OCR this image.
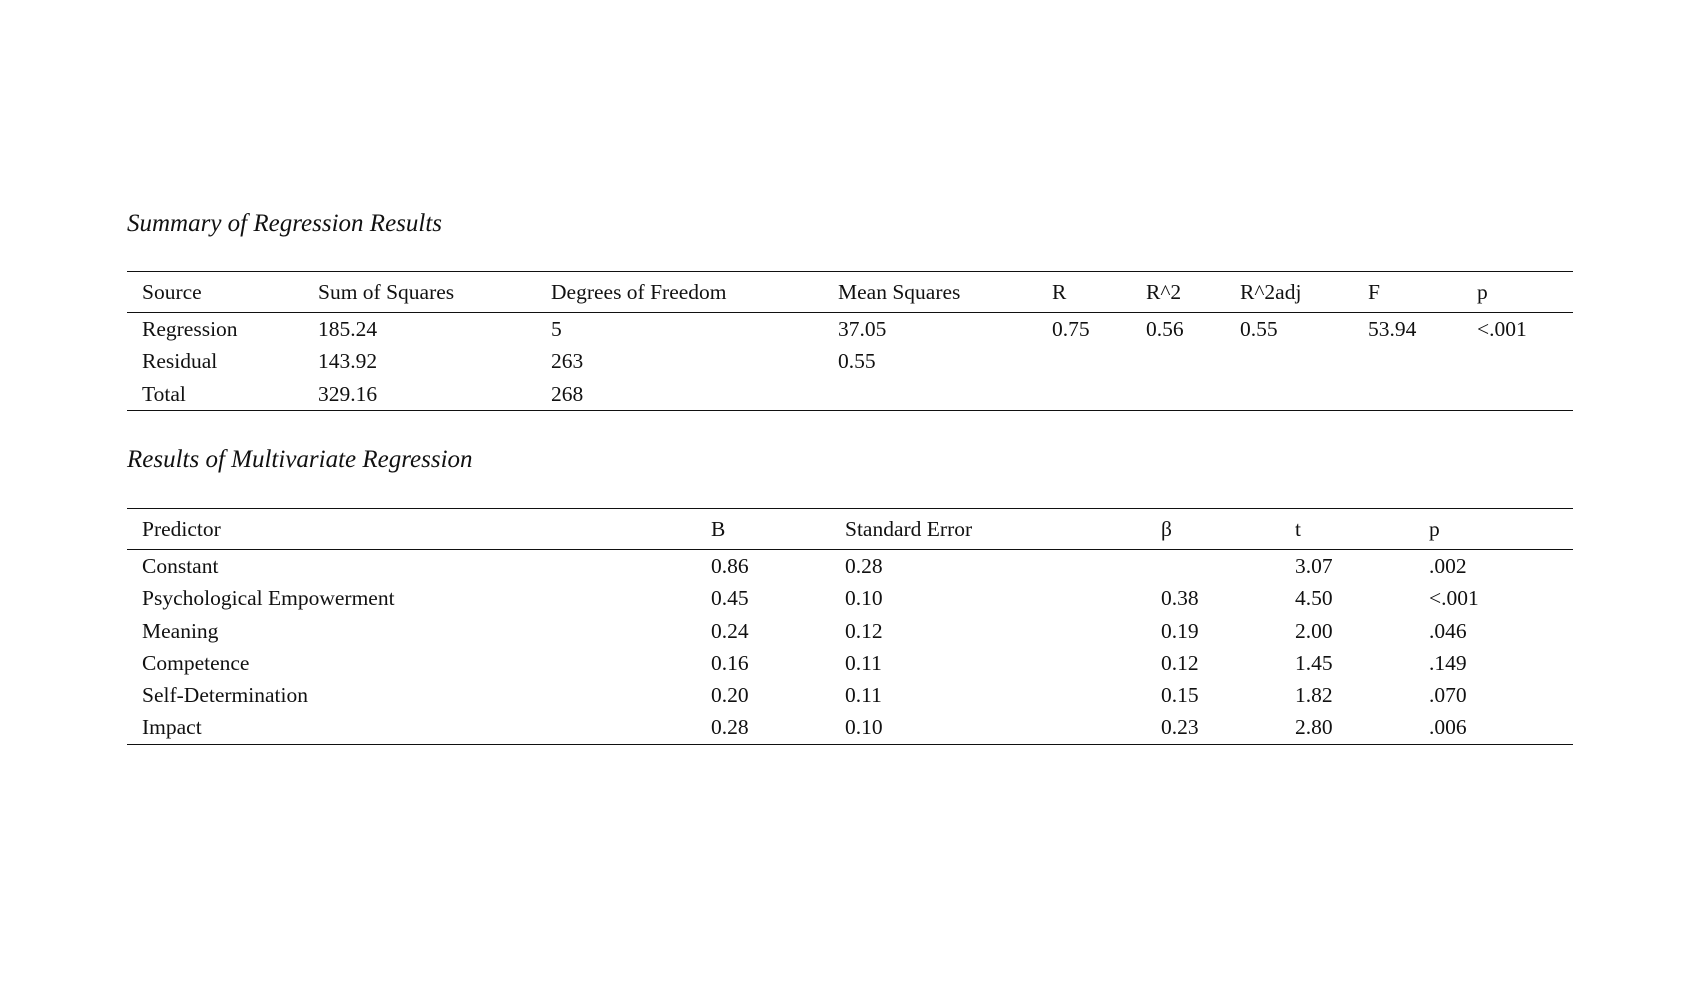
Summary of Regression Results
Source	Sum of Squares	Degrees of Freedom	Mean Squares	R	R^2	R^2adj	F	p
Regression	185.24	5	37.05	0.75	0.56	0.55	53.94	<.001
Residual	143.92	263	0.55					
Total	329.16	268						
Results of Multivariate Regression
Predictor	B	Standard Error	β	t	p
Constant	0.86	0.28		3.07	.002
Psychological Empowerment	0.45	0.10	0.38	4.50	<.001
Meaning	0.24	0.12	0.19	2.00	.046
Competence	0.16	0.11	0.12	1.45	.149
Self-Determination	0.20	0.11	0.15	1.82	.070
Impact	0.28	0.10	0.23	2.80	.006
